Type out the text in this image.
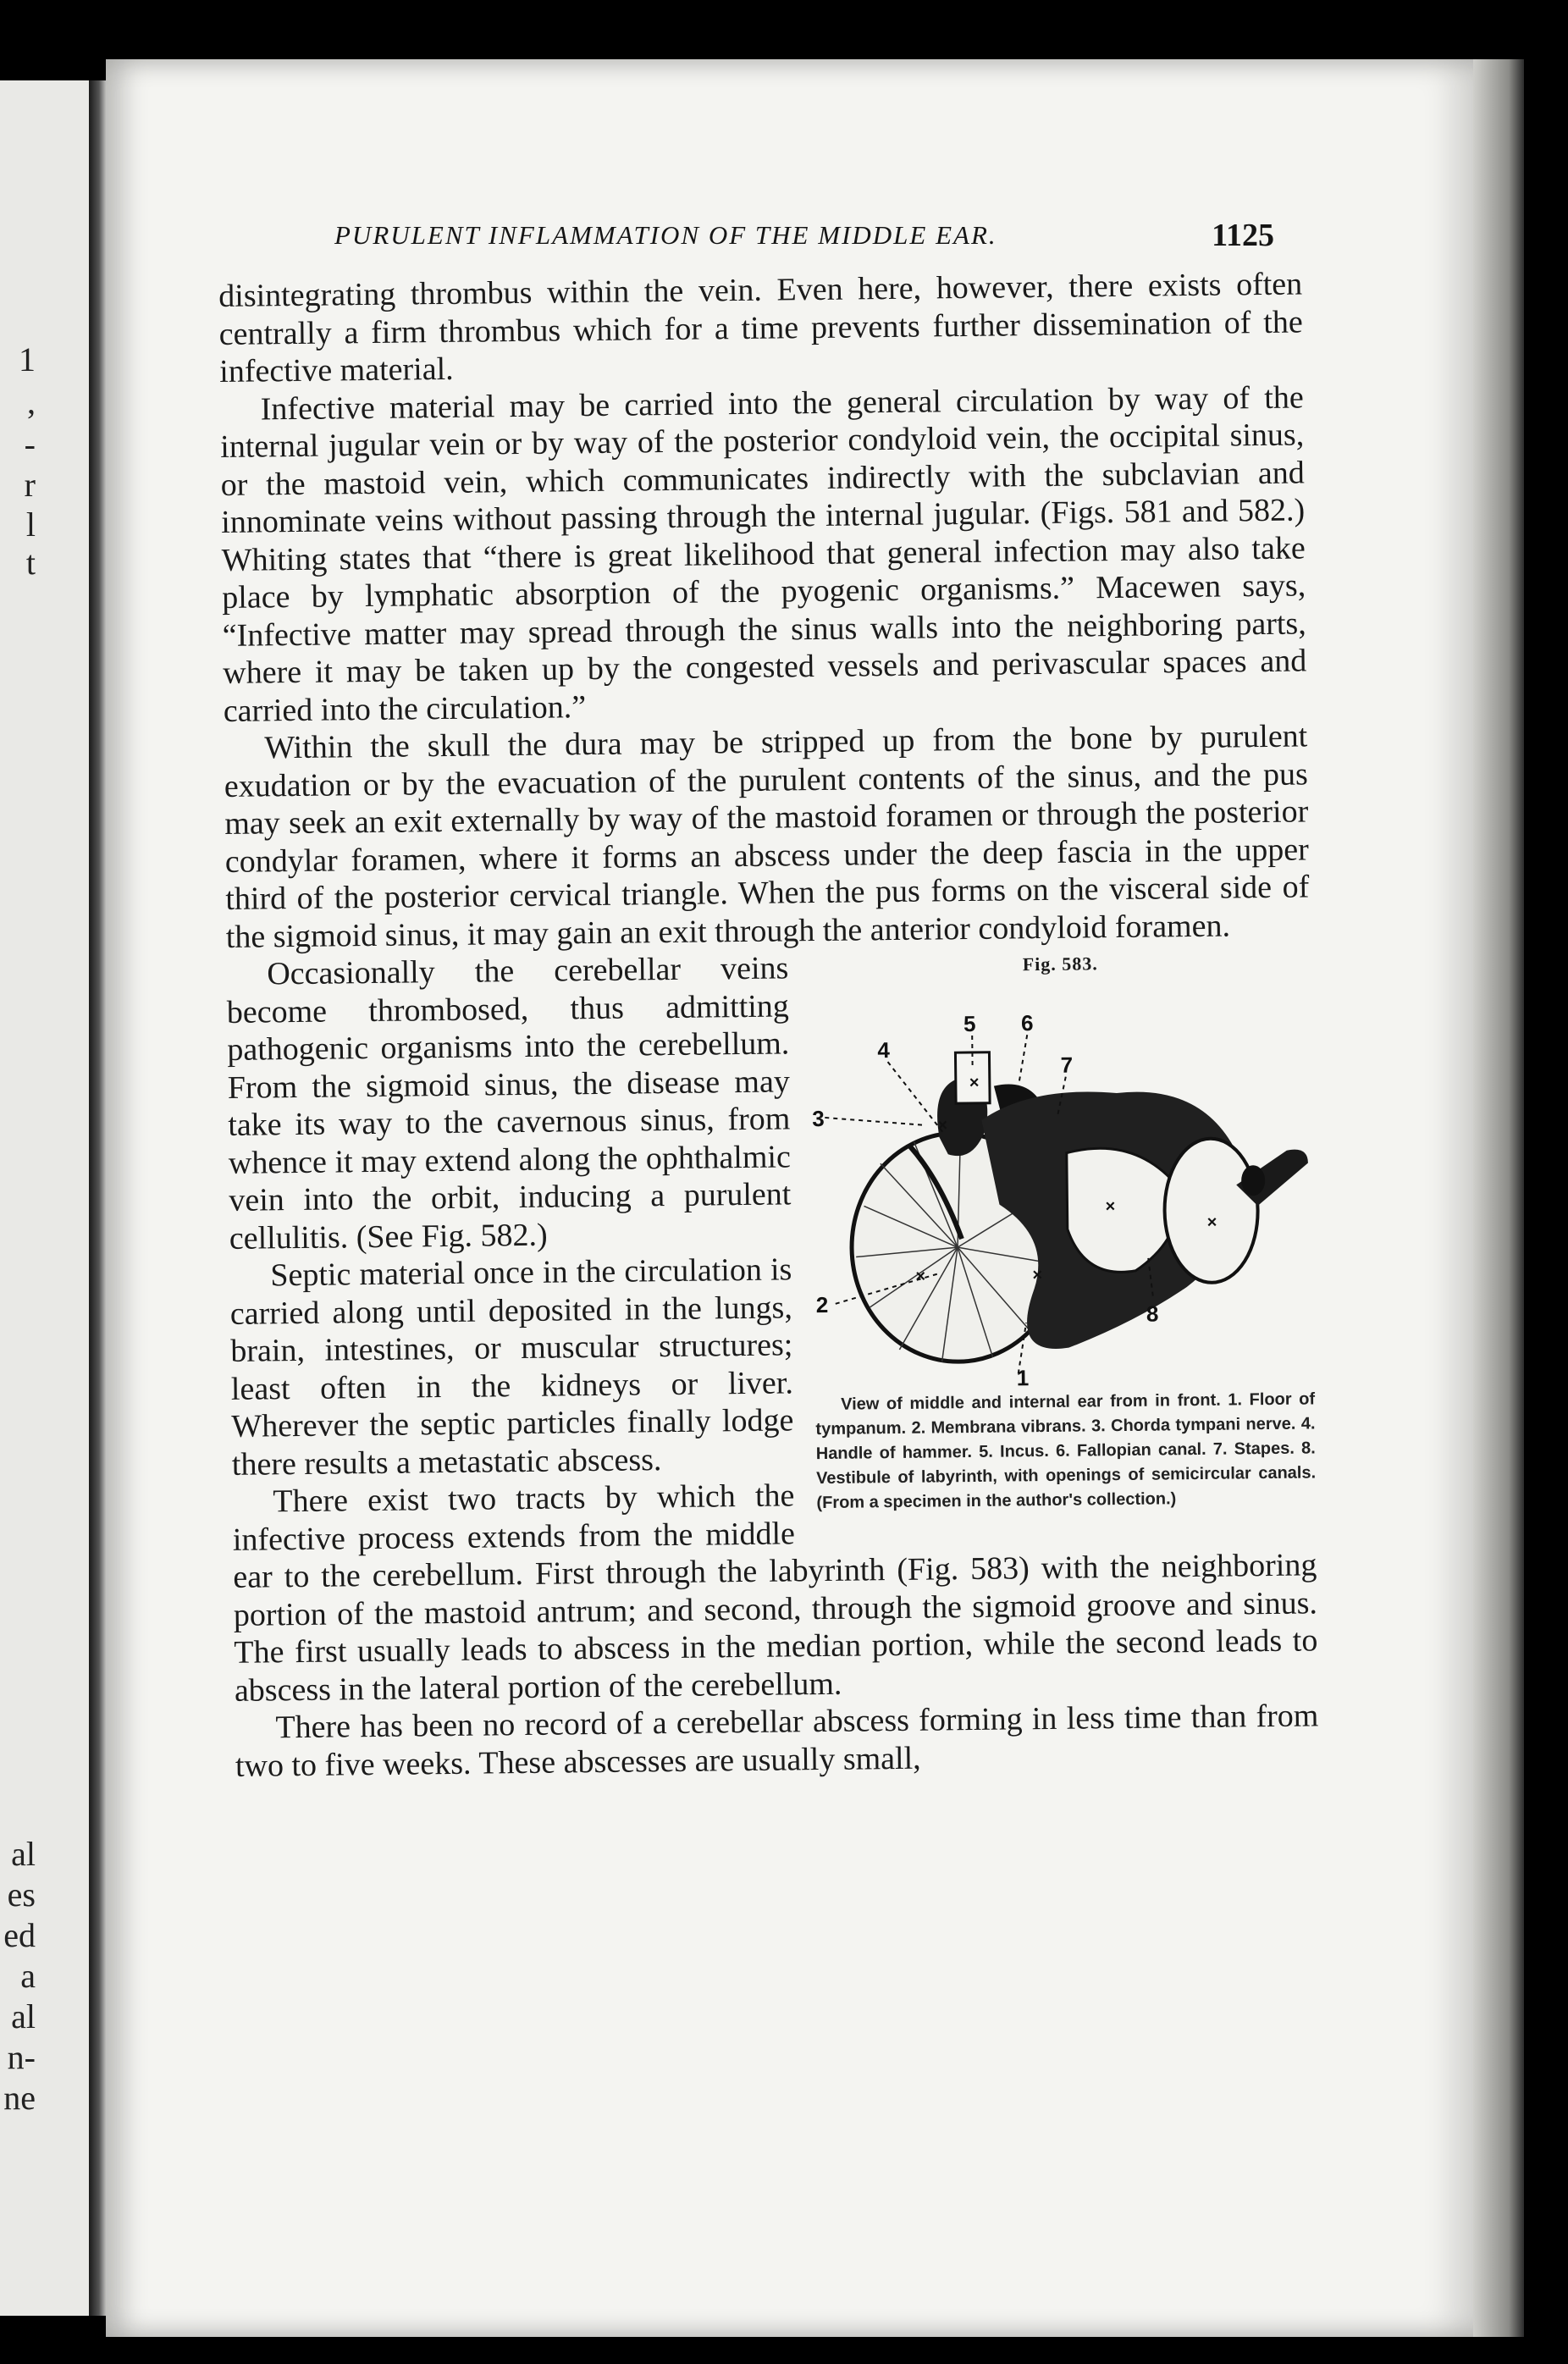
1
,
-
r
l
t
al
es
ed
a
al
n-
ne
PURULENT INFLAMMATION OF THE MIDDLE EAR.	1125

disintegrating thrombus within the vein. Even here, however, there exists often centrally a firm thrombus which for a time prevents further dissemination of the infective material.

Infective material may be carried into the general circulation by way of the internal jugular vein or by way of the posterior condyloid vein, the occipital sinus, or the mastoid vein, which communicates indirectly with the subclavian and innominate veins without passing through the internal jugular. (Figs. 581 and 582.) Whiting states that “there is great likelihood that general infection may also take place by lymphatic absorption of the pyogenic organisms.” Macewen says, “Infective matter may spread through the sinus walls into the neighboring parts, where it may be taken up by the congested vessels and perivascular spaces and carried into the circulation.”

Within the skull the dura may be stripped up from the bone by purulent exudation or by the evacuation of the purulent contents of the sinus, and the pus may seek an exit externally by way of the mastoid foramen or through the posterior condylar foramen, where it forms an abscess under the deep fascia in the upper third of the posterior cervical triangle. When the pus forms on the visceral side of the sigmoid sinus, it may gain an exit through the anterior condyloid foramen.

Fig. 583.
×
×
×
×
×
×
1
2
3
4
5 6
7
8

View of middle and internal ear from in front. 1. Floor of tympanum. 2. Membrana vibrans. 3. Chorda tympani nerve. 4. Handle of hammer. 5. Incus. 6. Fallopian canal. 7. Stapes. 8. Vestibule of labyrinth, with openings of semicircular canals. (From a specimen in the author's collection.)

Occasionally the cerebellar veins become thrombosed, thus admitting pathogenic organisms into the cerebellum. From the sigmoid sinus, the disease may take its way to the cavernous sinus, from whence it may extend along the ophthalmic vein into the orbit, inducing a purulent cellulitis. (See Fig. 582.)

Septic material once in the circulation is carried along until deposited in the lungs, brain, intestines, or muscular structures; least often in the kidneys or liver. Wherever the septic particles finally lodge there results a metastatic abscess.

There exist two tracts by which the infective process extends from the middle ear to the cerebellum. First through the labyrinth (Fig. 583) with the neighboring portion of the mastoid antrum; and second, through the sigmoid groove and sinus. The first usually leads to abscess in the median portion, while the second leads to abscess in the lateral portion of the cerebellum.

There has been no record of a cerebellar abscess forming in less time than from two to five weeks. These abscesses are usually small,
